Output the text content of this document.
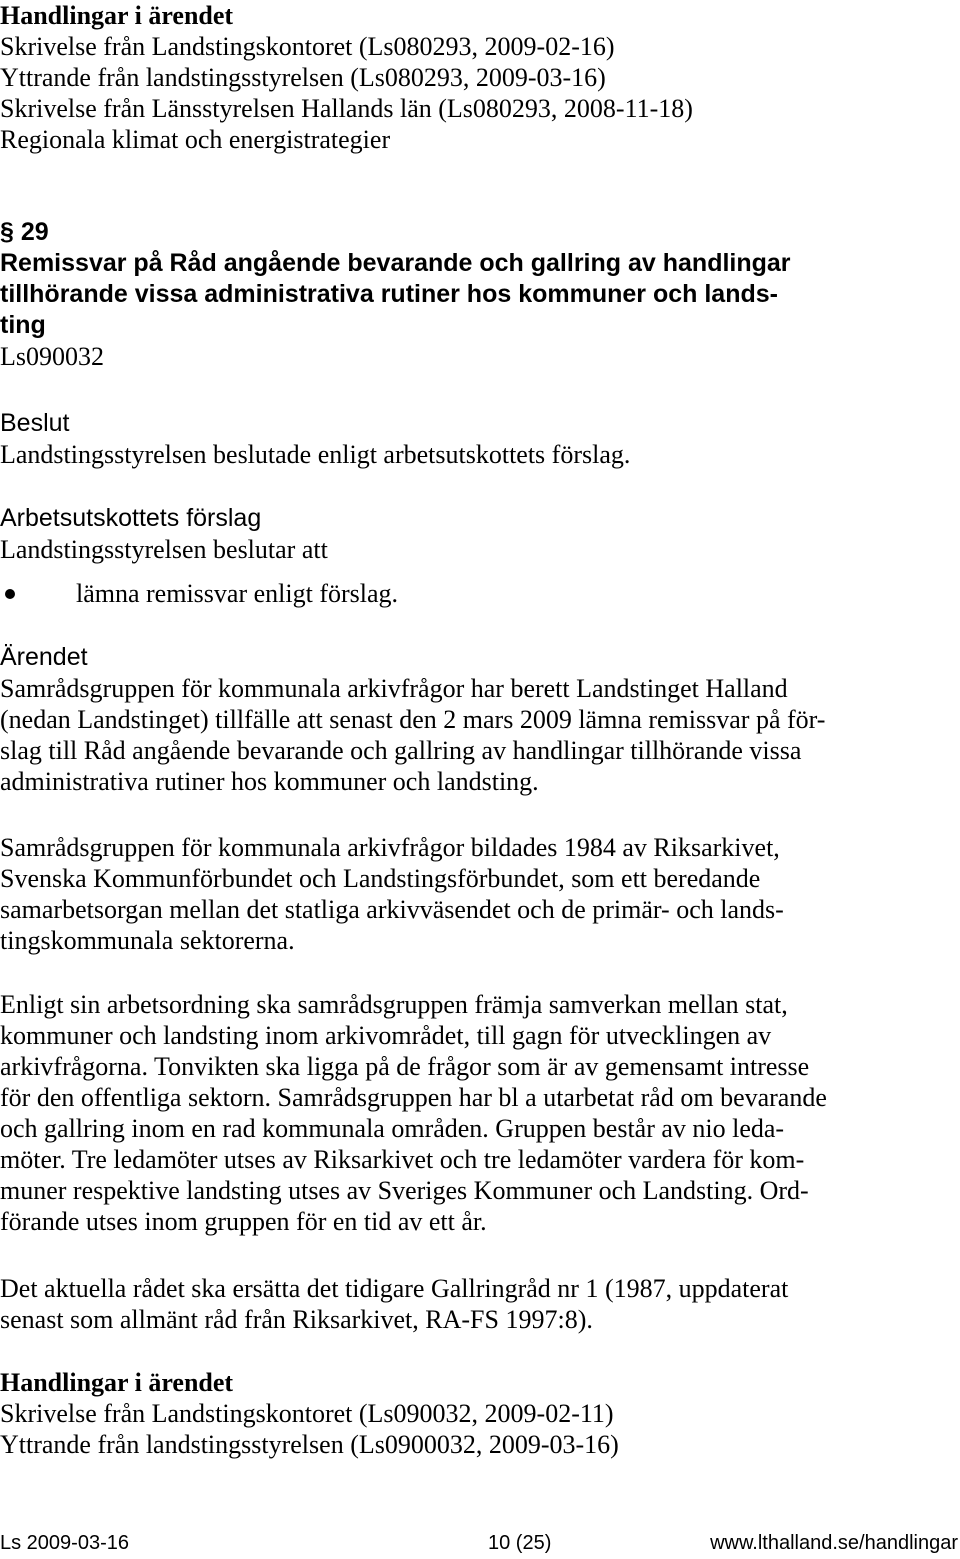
Handlingar i ärendet
Skrivelse från Landstingskontoret (Ls080293, 2009-02-16)
Yttrande från landstingsstyrelsen (Ls080293, 2009-03-16)
Skrivelse från Länsstyrelsen Hallands län (Ls080293, 2008-11-18)
Regionala klimat och energistrategier
§ 29
Remissvar på Råd angående bevarande och gallring av handlingar
tillhörande vissa administrativa rutiner hos kommuner och lands-
ting
Ls090032
Beslut
Landstingsstyrelsen beslutade enligt arbetsutskottets förslag.
Arbetsutskottets förslag
Landstingsstyrelsen beslutar att
lämna remissvar enligt förslag.
Ärendet
Samrådsgruppen för kommunala arkivfrågor har berett Landstinget Halland
(nedan Landstinget) tillfälle att senast den 2 mars 2009 lämna remissvar på för-
slag till Råd angående bevarande och gallring av handlingar tillhörande vissa
administrativa rutiner hos kommuner och landsting.
Samrådsgruppen för kommunala arkivfrågor bildades 1984 av Riksarkivet,
Svenska Kommunförbundet och Landstingsförbundet, som ett beredande
samarbetsorgan mellan det statliga arkivväsendet och de primär- och lands-
tingskommunala sektorerna.
Enligt sin arbetsordning ska samrådsgruppen främja samverkan mellan stat,
kommuner och landsting inom arkivområdet, till gagn för utvecklingen av
arkivfrågorna. Tonvikten ska ligga på de frågor som är av gemensamt intresse
för den offentliga sektorn. Samrådsgruppen har bl a utarbetat råd om bevarande
och gallring inom en rad kommunala områden. Gruppen består av nio leda-
möter. Tre ledamöter utses av Riksarkivet och tre ledamöter vardera för kom-
muner respektive landsting utses av Sveriges Kommuner och Landsting. Ord-
förande utses inom gruppen för en tid av ett år.
Det aktuella rådet ska ersätta det tidigare Gallringråd nr 1 (1987, uppdaterat
senast som allmänt råd från Riksarkivet, RA-FS 1997:8).
Handlingar i ärendet
Skrivelse från Landstingskontoret (Ls090032, 2009-02-11)
Yttrande från landstingsstyrelsen (Ls0900032, 2009-03-16)
Ls 2009-03-16	10 (25)	www.lthalland.se/handlingar
